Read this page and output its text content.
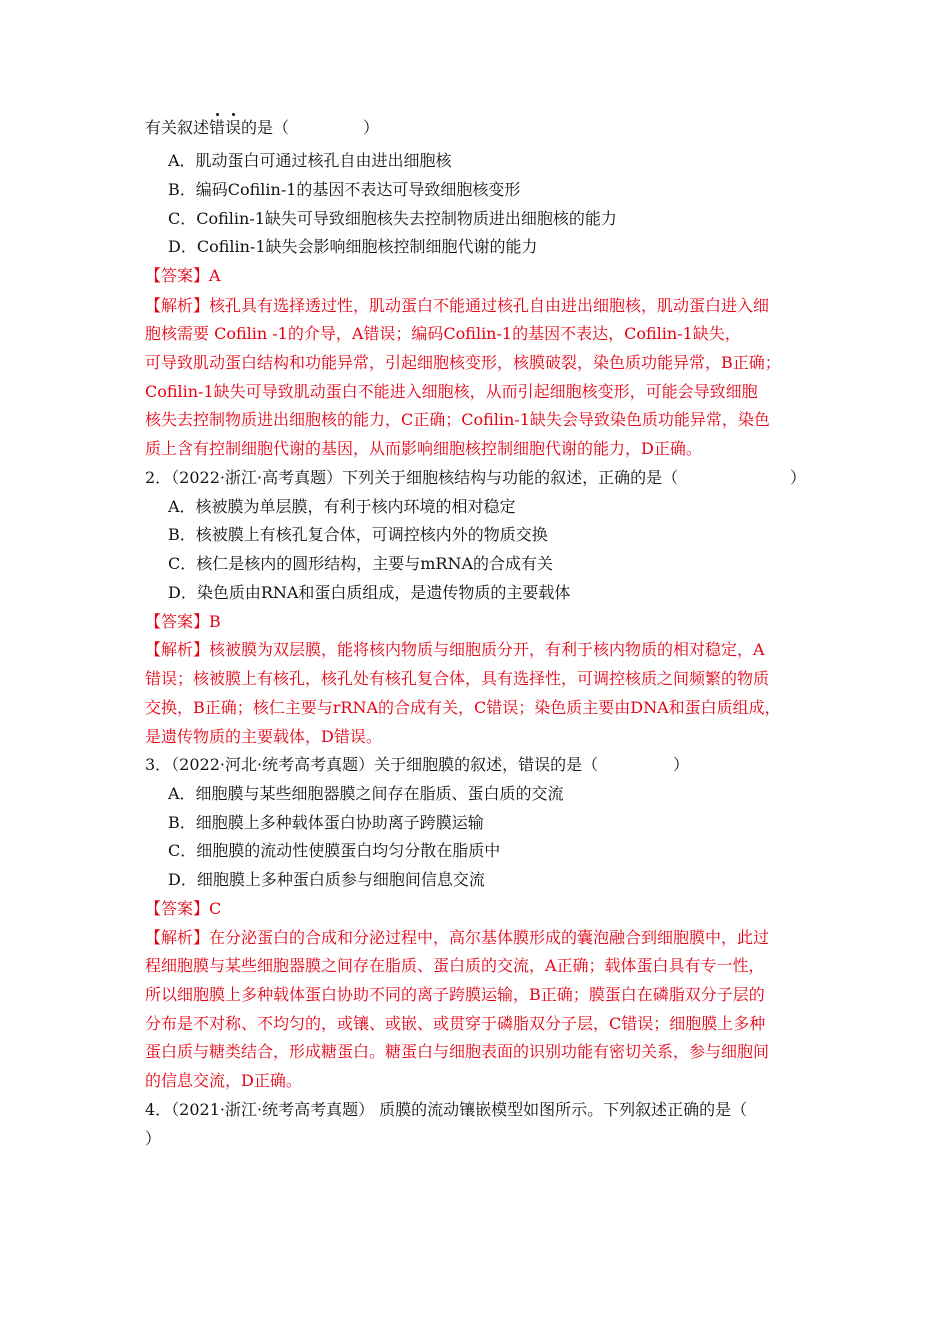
有关叙述错误的是（	）
A．肌动蛋白可通过核孔自由进出细胞核
B．编码Cofilin-1的基因不表达可导致细胞核变形
C．Cofilin-1缺失可导致细胞核失去控制物质进出细胞核的能力
D．Cofilin-1缺失会影响细胞核控制细胞代谢的能力
【答案】A
【解析】核孔具有选择透过性，肌动蛋白不能通过核孔自由进出细胞核，肌动蛋白进入细
胞核需要 Cofilin -1的介导，A错误；编码Cofilin-1的基因不表达，Cofilin-1缺失，
可导致肌动蛋白结构和功能异常，引起细胞核变形，核膜破裂，染色质功能异常，B正确；
Cofilin-1缺失可导致肌动蛋白不能进入细胞核，从而引起细胞核变形，可能会导致细胞
核失去控制物质进出细胞核的能力，C正确；Cofilin-1缺失会导致染色质功能异常，染色
质上含有控制细胞代谢的基因，从而影响细胞核控制细胞代谢的能力，D正确。
2．（2022·浙江·高考真题）下列关于细胞核结构与功能的叙述，正确的是（	）
A．核被膜为单层膜，有利于核内环境的相对稳定
B．核被膜上有核孔复合体，可调控核内外的物质交换
C．核仁是核内的圆形结构，主要与mRNA的合成有关
D．染色质由RNA和蛋白质组成，是遗传物质的主要载体
【答案】B
【解析】核被膜为双层膜，能将核内物质与细胞质分开，有利于核内物质的相对稳定，A
错误；核被膜上有核孔，核孔处有核孔复合体，具有选择性，可调控核质之间频繁的物质
交换，B正确；核仁主要与rRNA的合成有关，C错误；染色质主要由DNA和蛋白质组成，
是遗传物质的主要载体，D错误。
3．（2022·河北·统考高考真题）关于细胞膜的叙述，错误的是（	）
A．细胞膜与某些细胞器膜之间存在脂质、蛋白质的交流
B．细胞膜上多种载体蛋白协助离子跨膜运输
C．细胞膜的流动性使膜蛋白均匀分散在脂质中
D．细胞膜上多种蛋白质参与细胞间信息交流
【答案】C
【解析】在分泌蛋白的合成和分泌过程中，高尔基体膜形成的囊泡融合到细胞膜中，此过
程细胞膜与某些细胞器膜之间存在脂质、蛋白质的交流，A正确；载体蛋白具有专一性，
所以细胞膜上多种载体蛋白协助不同的离子跨膜运输，B正确；膜蛋白在磷脂双分子层的
分布是不对称、不均匀的，或镶、或嵌、或贯穿于磷脂双分子层，C错误；细胞膜上多种
蛋白质与糖类结合，形成糖蛋白。糖蛋白与细胞表面的识别功能有密切关系，参与细胞间
的信息交流，D正确。
4．（2021·浙江·统考高考真题） 质膜的流动镶嵌模型如图所示。下列叙述正确的是（
）
